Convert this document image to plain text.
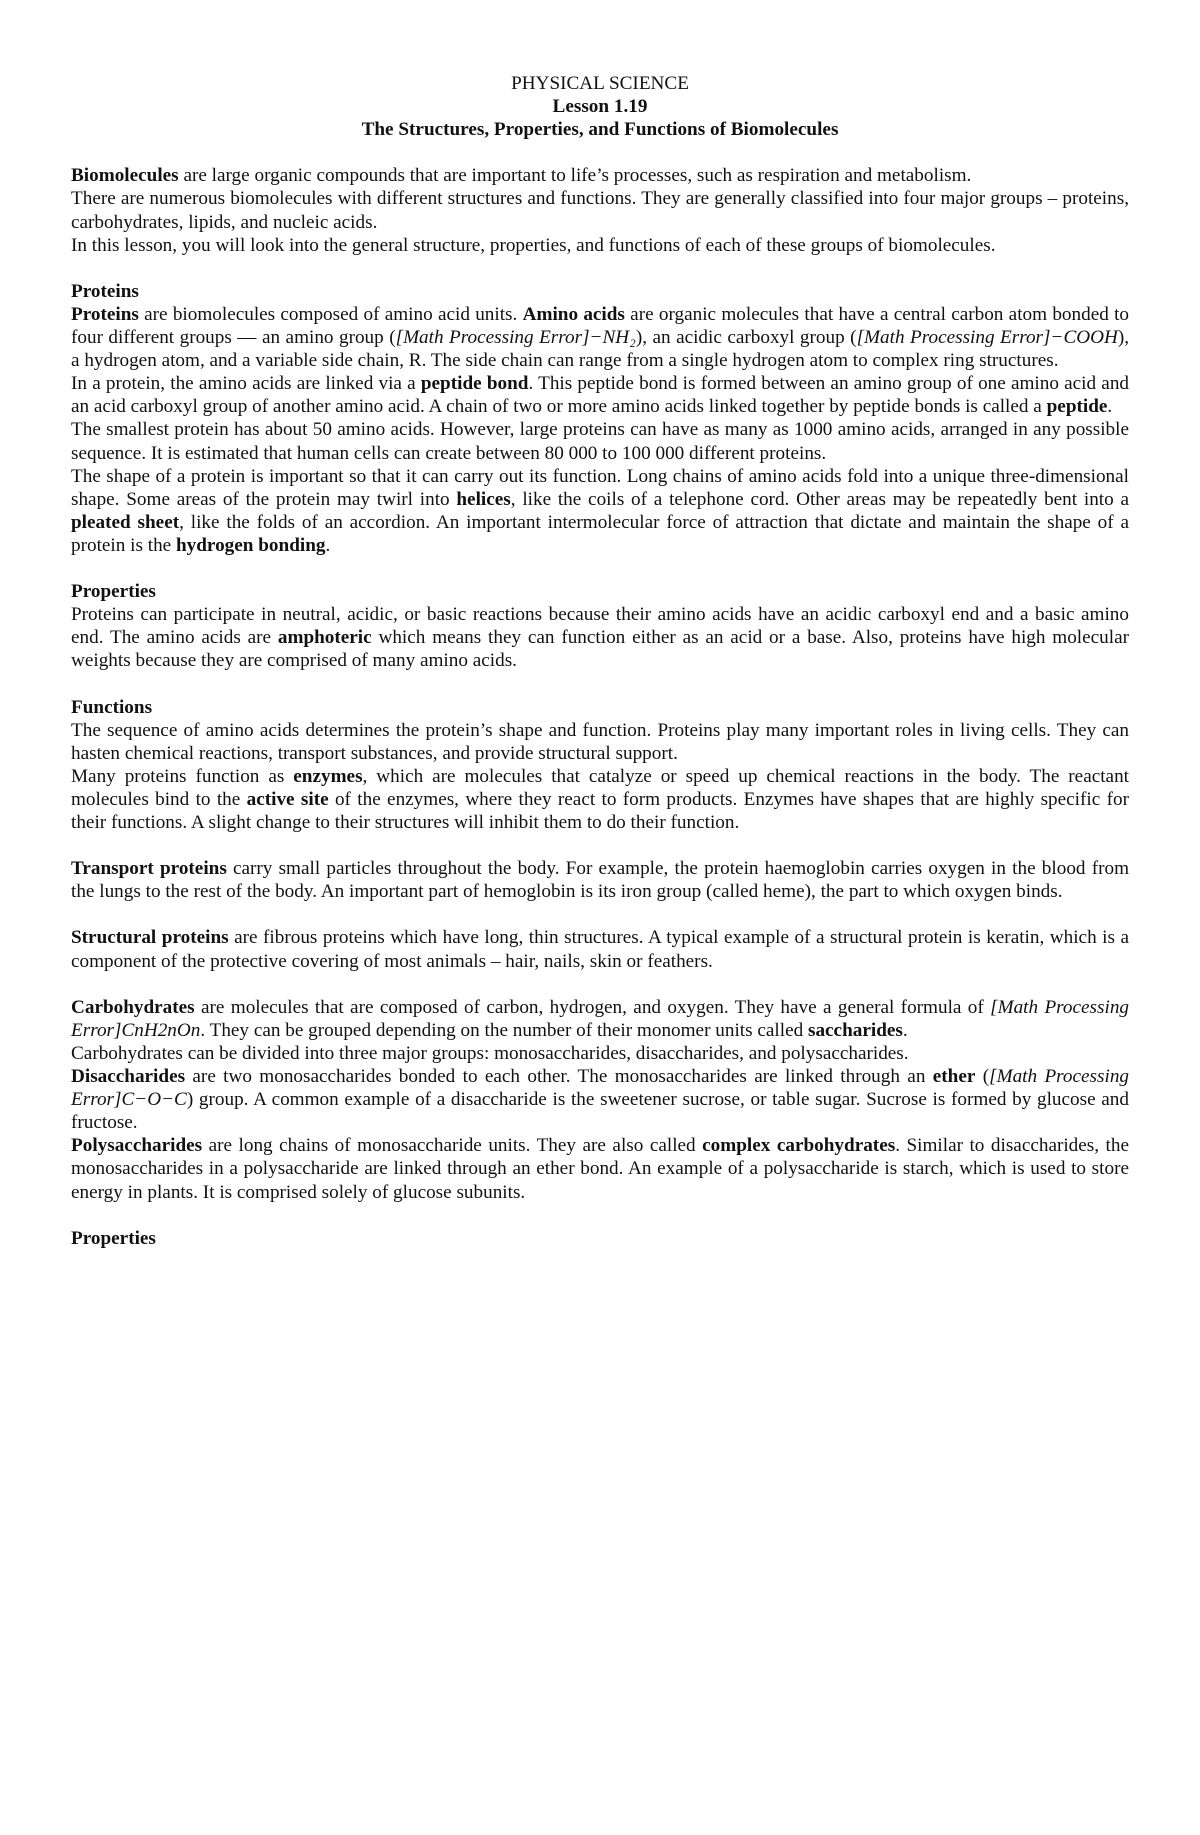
PHYSICAL SCIENCE
Lesson 1.19
The Structures, Properties, and Functions of Biomolecules

Biomolecules are large organic compounds that are important to life’s processes, such as respiration and metabolism.

There are numerous biomolecules with different structures and functions. They are generally classified into four major groups – proteins, carbohydrates, lipids, and nucleic acids.

In this lesson, you will look into the general structure, properties, and functions of each of these groups of biomolecules.

Proteins

Proteins are biomolecules composed of amino acid units. Amino acids are organic molecules that have a central carbon atom bonded to four different groups — an amino group ([Math Processing Error]−NH₂), an acidic carboxyl group ([Math Processing Error]−COOH), a hydrogen atom, and a variable side chain, R. The side chain can range from a single hydrogen atom to complex ring structures.

In a protein, the amino acids are linked via a peptide bond. This peptide bond is formed between an amino group of one amino acid and an acid carboxyl group of another amino acid. A chain of two or more amino acids linked together by peptide bonds is called a peptide.

The smallest protein has about 50 amino acids. However, large proteins can have as many as 1000 amino acids, arranged in any possible sequence. It is estimated that human cells can create between 80 000 to 100 000 different proteins.

The shape of a protein is important so that it can carry out its function. Long chains of amino acids fold into a unique three-dimensional shape. Some areas of the protein may twirl into helices, like the coils of a telephone cord. Other areas may be repeatedly bent into a pleated sheet, like the folds of an accordion. An important intermolecular force of attraction that dictate and maintain the shape of a protein is the hydrogen bonding.

Properties

Proteins can participate in neutral, acidic, or basic reactions because their amino acids have an acidic carboxyl end and a basic amino end. The amino acids are amphoteric which means they can function either as an acid or a base. Also, proteins have high molecular weights because they are comprised of many amino acids.

Functions

The sequence of amino acids determines the protein’s shape and function. Proteins play many important roles in living cells. They can hasten chemical reactions, transport substances, and provide structural support.

Many proteins function as enzymes, which are molecules that catalyze or speed up chemical reactions in the body. The reactant molecules bind to the active site of the enzymes, where they react to form products. Enzymes have shapes that are highly specific for their functions. A slight change to their structures will inhibit them to do their function.

Transport proteins carry small particles throughout the body. For example, the protein haemoglobin carries oxygen in the blood from the lungs to the rest of the body. An important part of hemoglobin is its iron group (called heme), the part to which oxygen binds.

Structural proteins are fibrous proteins which have long, thin structures. A typical example of a structural protein is keratin, which is a component of the protective covering of most animals – hair, nails, skin or feathers.

Carbohydrates are molecules that are composed of carbon, hydrogen, and oxygen. They have a general formula of [Math Processing Error]CnH2nOn. They can be grouped depending on the number of their monomer units called saccharides.

Carbohydrates can be divided into three major groups: monosaccharides, disaccharides, and polysaccharides.

Disaccharides are two monosaccharides bonded to each other. The monosaccharides are linked through an ether ([Math Processing Error]C−O−C) group. A common example of a disaccharide is the sweetener sucrose, or table sugar. Sucrose is formed by glucose and fructose.

Polysaccharides are long chains of monosaccharide units. They are also called complex carbohydrates. Similar to disaccharides, the monosaccharides in a polysaccharide are linked through an ether bond. An example of a polysaccharide is starch, which is used to store energy in plants. It is comprised solely of glucose subunits.

Properties
